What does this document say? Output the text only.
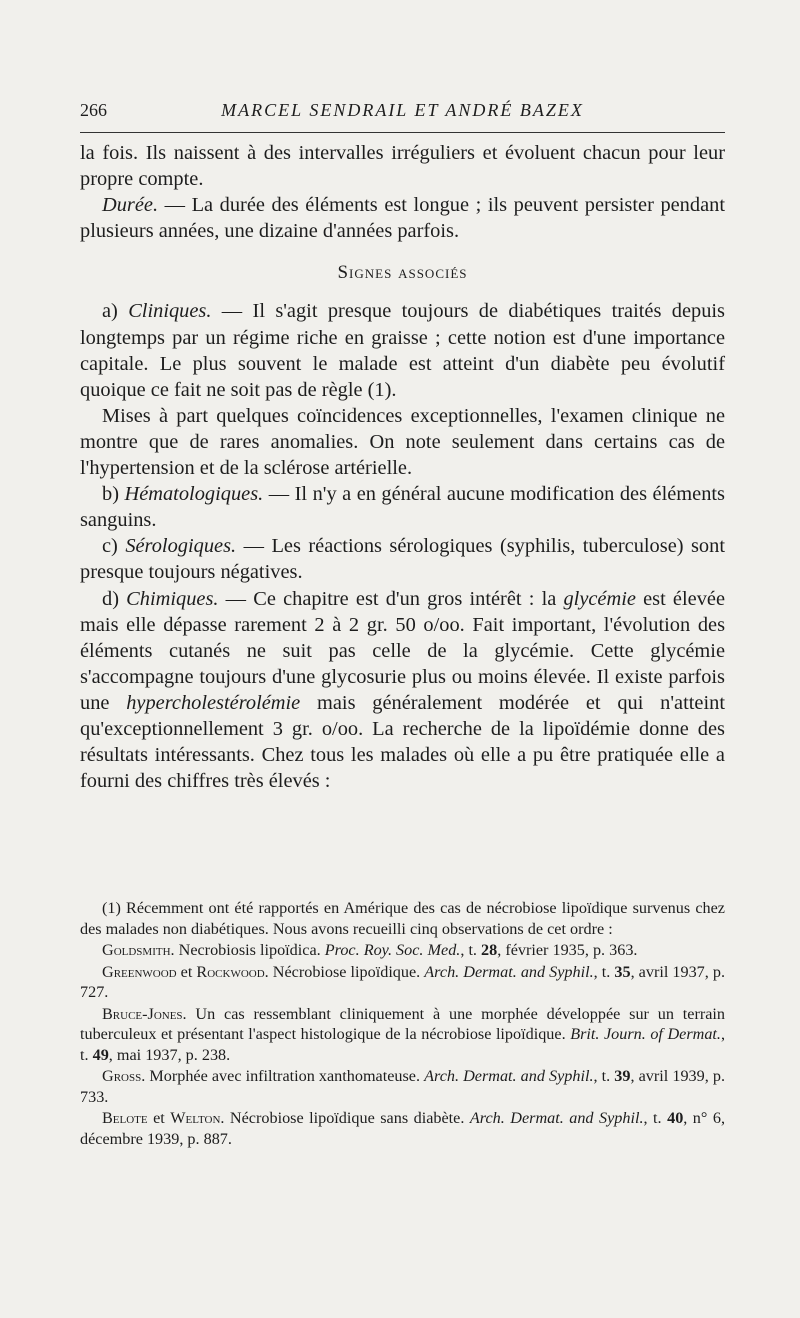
266	MARCEL SENDRAIL ET ANDRÉ BAZEX

la fois. Ils naissent à des intervalles irréguliers et évoluent chacun pour leur propre compte.

Durée. — La durée des éléments est longue ; ils peuvent persister pendant plusieurs années, une dizaine d'années parfois.

Signes associés

a) Cliniques. — Il s'agit presque toujours de diabétiques traités depuis longtemps par un régime riche en graisse ; cette notion est d'une importance capitale. Le plus souvent le malade est atteint d'un diabète peu évolutif quoique ce fait ne soit pas de règle (1).

Mises à part quelques coïncidences exceptionnelles, l'examen clinique ne montre que de rares anomalies. On note seulement dans certains cas de l'hypertension et de la sclérose artérielle.

b) Hématologiques. — Il n'y a en général aucune modification des éléments sanguins.

c) Sérologiques. — Les réactions sérologiques (syphilis, tuberculose) sont presque toujours négatives.

d) Chimiques. — Ce chapitre est d'un gros intérêt : la glycémie est élevée mais elle dépasse rarement 2 à 2 gr. 50 o/oo. Fait important, l'évolution des éléments cutanés ne suit pas celle de la glycémie. Cette glycémie s'accompagne toujours d'une glycosurie plus ou moins élevée. Il existe parfois une hypercholestérolémie mais généralement modérée et qui n'atteint qu'exceptionnellement 3 gr. o/oo. La recherche de la lipoïdémie donne des résultats intéressants. Chez tous les malades où elle a pu être pratiquée elle a fourni des chiffres très élevés :

(1) Récemment ont été rapportés en Amérique des cas de nécrobiose lipoïdique survenus chez des malades non diabétiques. Nous avons recueilli cinq observations de cet ordre :

Goldsmith. Necrobiosis lipoïdica. Proc. Roy. Soc. Med., t. 28, février 1935, p. 363.

Greenwood et Rockwood. Nécrobiose lipoïdique. Arch. Dermat. and Syphil., t. 35, avril 1937, p. 727.

Bruce-Jones. Un cas ressemblant cliniquement à une morphée développée sur un terrain tuberculeux et présentant l'aspect histologique de la nécrobiose lipoïdique. Brit. Journ. of Dermat., t. 49, mai 1937, p. 238.

Gross. Morphée avec infiltration xanthomateuse. Arch. Dermat. and Syphil., t. 39, avril 1939, p. 733.

Belote et Welton. Nécrobiose lipoïdique sans diabète. Arch. Dermat. and Syphil., t. 40, n° 6, décembre 1939, p. 887.
